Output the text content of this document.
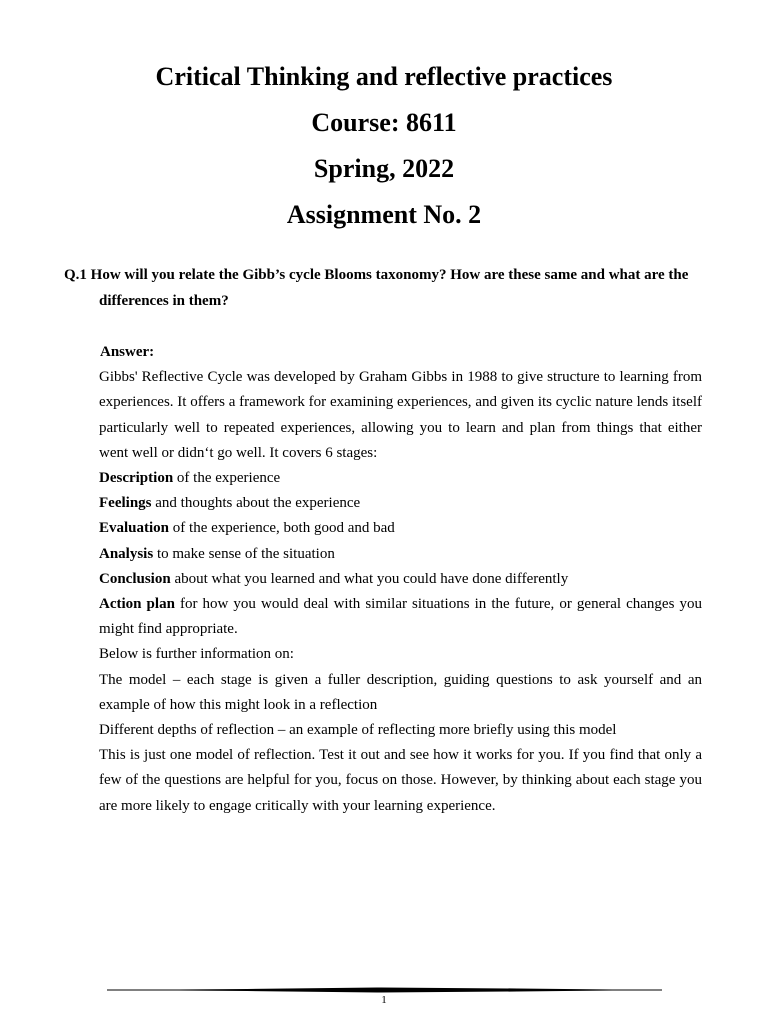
Critical Thinking and reflective practices
Course: 8611
Spring, 2022
Assignment No. 2
Q.1 How will you relate the Gibb’s cycle Blooms taxonomy? How are these same and what are the
differences in them?

Answer:

Gibbs' Reflective Cycle was developed by Graham Gibbs in 1988 to give structure to learning from experiences. It offers a framework for examining experiences, and given its cyclic nature lends itself particularly well to repeated experiences, allowing you to learn and plan from things that either went well or didn‘t go well. It covers 6 stages:

Description of the experience

Feelings and thoughts about the experience

Evaluation of the experience, both good and bad

Analysis to make sense of the situation

Conclusion about what you learned and what you could have done differently

Action plan for how you would deal with similar situations in the future, or general changes you might find appropriate.

Below is further information on:

The model – each stage is given a fuller description, guiding questions to ask yourself and an example of how this might look in a reflection

Different depths of reflection – an example of reflecting more briefly using this model

This is just one model of reflection. Test it out and see how it works for you. If you find that only a few of the questions are helpful for you, focus on those. However, by thinking about each stage you are more likely to engage critically with your learning experience.

1
